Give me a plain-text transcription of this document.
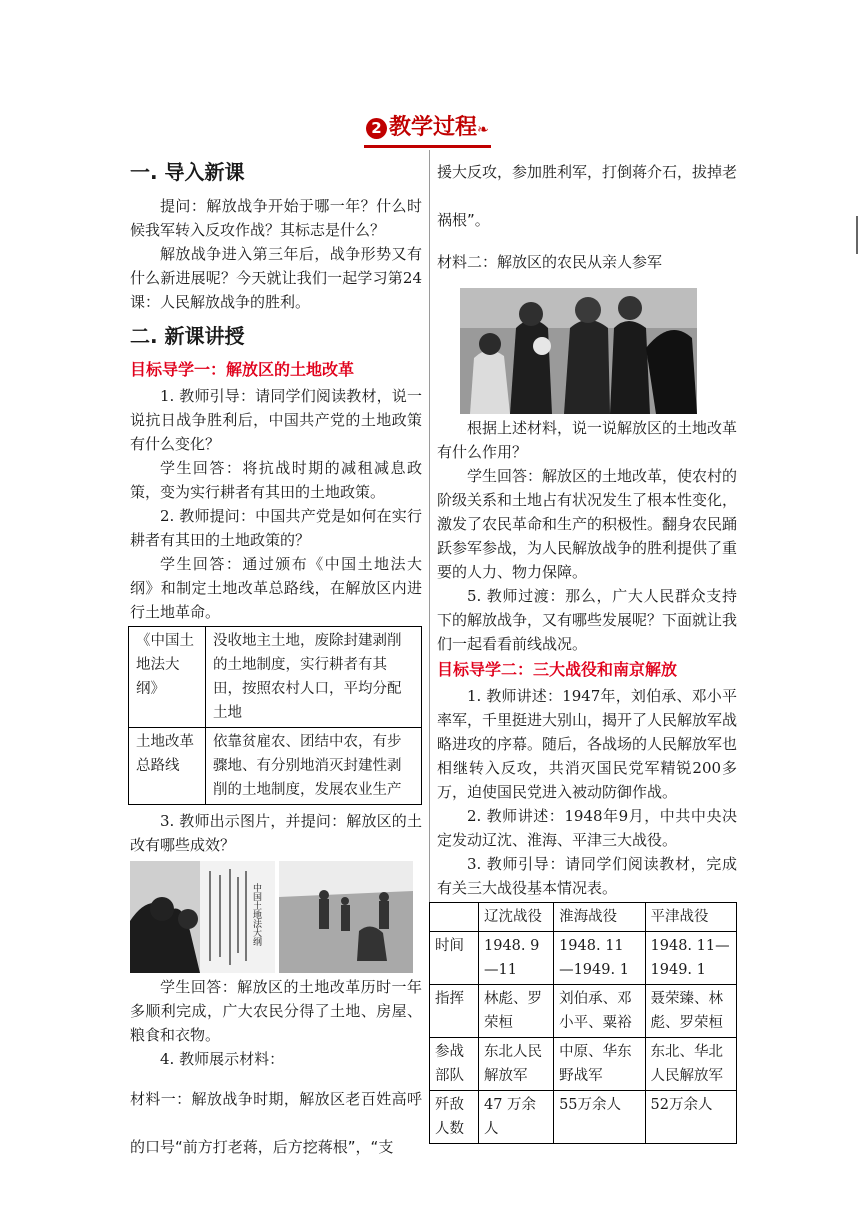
2 教学过程❧
一. 导入新课

提问：解放战争开始于哪一年？什么时候我军转入反攻作战？其标志是什么？

解放战争进入第三年后，战争形势又有什么新进展呢？今天就让我们一起学习第24课：人民解放战争的胜利。

二. 新课讲授
目标导学一：解放区的土地改革

1. 教师引导：请同学们阅读教材，说一说抗日战争胜利后，中国共产党的土地政策有什么变化？

学生回答：将抗战时期的减租减息政策，变为实行耕者有其田的土地政策。

2. 教师提问：中国共产党是如何在实行耕者有其田的土地政策的？

学生回答：通过颁布《中国土地法大纲》和制定土地改革总路线，在解放区内进行土地革命。

《中国土地法大纲》	没收地主土地，废除封建剥削的土地制度，实行耕者有其田，按照农村人口，平均分配土地
土地改革总路线	依靠贫雇农、团结中农，有步骤地、有分别地消灭封建性剥削的土地制度，发展农业生产

3. 教师出示图片，并提问：解放区的土改有哪些成效？

中国土地法大纲

学生回答：解放区的土地改革历时一年多顺利完成，广大农民分得了土地、房屋、粮食和衣物。

4. 教师展示材料：

材料一：解放战争时期，解放区老百姓高呼的口号“前方打老蒋，后方挖蒋根”，“支

援大反攻，参加胜利军，打倒蒋介石，拔掉老祸根”。

材料二：解放区的农民从亲人参军

根据上述材料，说一说解放区的土地改革有什么作用？

学生回答：解放区的土地改革，使农村的阶级关系和土地占有状况发生了根本性变化，激发了农民革命和生产的积极性。翻身农民踊跃参军参战，为人民解放战争的胜利提供了重要的人力、物力保障。

5. 教师过渡：那么，广大人民群众支持下的解放战争，又有哪些发展呢？下面就让我们一起看看前线战况。

目标导学二：三大战役和南京解放

1. 教师讲述：1947年，刘伯承、邓小平率军，千里挺进大别山，揭开了人民解放军战略进攻的序幕。随后，各战场的人民解放军也相继转入反攻，共消灭国民党军精锐200多万，迫使国民党进入被动防御作战。

2. 教师讲述：1948年9月，中共中央决定发动辽沈、淮海、平津三大战役。

3. 教师引导：请同学们阅读教材，完成有关三大战役基本情况表。

	辽沈战役	淮海战役	平津战役
时间	1948. 9—11	1948. 11 —1949. 1	1948. 11—1949. 1
指挥	林彪、罗荣桓	刘伯承、邓小平、粟裕	聂荣臻、林彪、罗荣桓
参战部队	东北人民解放军	中原、华东野战军	东北、华北人民解放军
歼敌人数	47 万余人	55万余人	52万余人
